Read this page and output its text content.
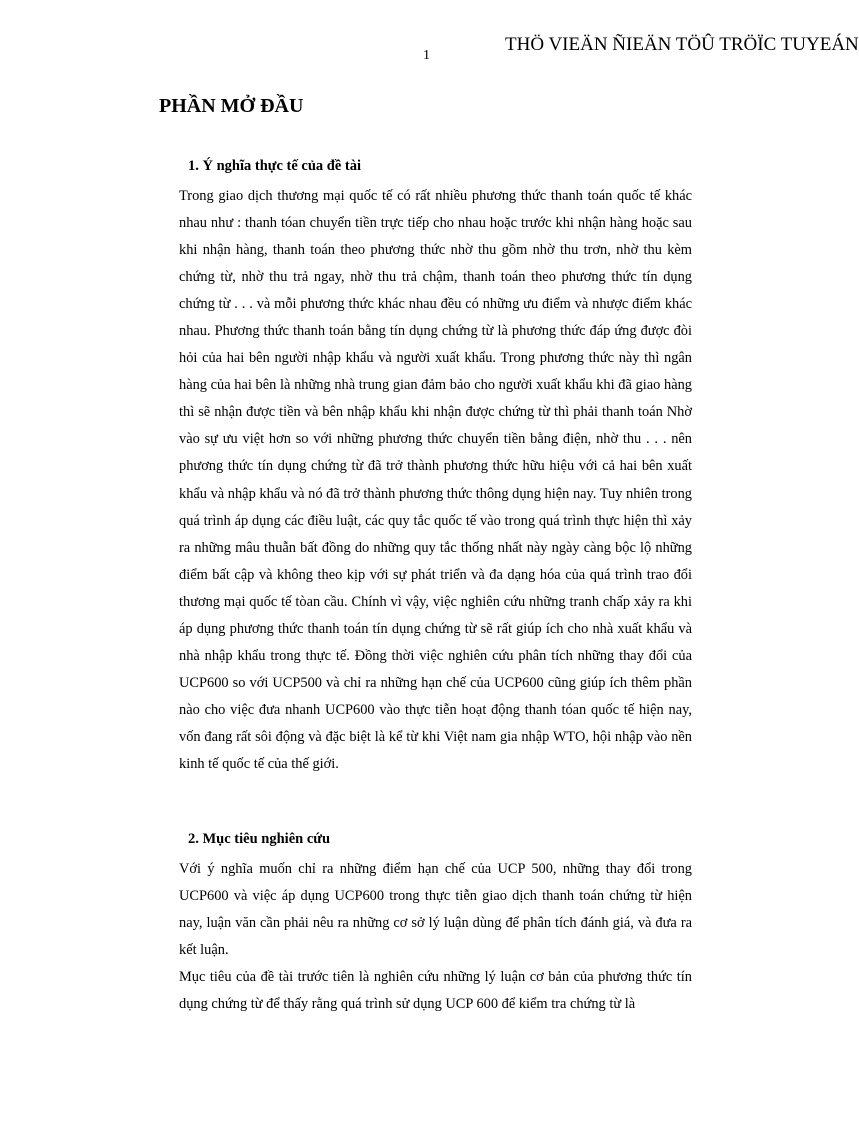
1
THÖ VIEÄN ÑIEÄN TÖÛ TRÖÏC TUYEÁN
PHẦN MỞ ĐẦU
1. Ý nghĩa thực tế của đề tài

Trong giao dịch thương mại quốc tế có rất nhiều phương thức thanh toán quốc tế khác nhau như : thanh tóan chuyển tiền trực tiếp cho nhau hoặc trước khi nhận hàng hoặc sau khi nhận hàng, thanh toán theo phương thức nhờ thu gồm nhờ thu trơn, nhờ thu kèm chứng từ, nhờ thu trả ngay, nhờ thu trả chậm, thanh toán theo phương thức tín dụng chứng từ . . . và mỗi phương thức khác nhau đều có những ưu điểm và nhược điểm khác nhau. Phương thức thanh toán bằng tín dụng chứng từ là phương thức đáp ứng được đòi hỏi của hai bên người nhập khẩu và người xuất khẩu. Trong phương thức này thì ngân hàng của hai bên là những nhà trung gian đảm bảo cho người xuất khẩu khi đã giao hàng thì sẽ nhận được tiền và bên nhập khẩu khi nhận được chứng từ thì phải thanh toán Nhờ vào sự ưu việt hơn so với những phương thức chuyển tiền bằng điện, nhờ thu . . . nên phương thức tín dụng chứng từ đã trở thành phương thức hữu hiệu với cả hai bên xuất khẩu và nhập khẩu và nó đã trở thành phương thức thông dụng hiện nay. Tuy nhiên trong quá trình áp dụng các điều luật, các quy tắc quốc tế vào trong quá trình thực hiện thì xảy ra những mâu thuẫn bất đồng do những quy tắc thống nhất này ngày càng bộc lộ những điểm bất cập và không theo kịp với sự phát triển và đa dạng hóa của quá trình trao đổi thương mại quốc tế tòan cầu. Chính vì vậy, việc nghiên cứu những tranh chấp xảy ra khi áp dụng phương thức thanh toán tín dụng chứng từ sẽ rất giúp ích cho nhà xuất khẩu và nhà nhập khẩu trong thực tế. Đồng thời việc nghiên cứu phân tích những thay đổi của UCP600 so với UCP500 và chỉ ra những hạn chế của UCP600 cũng giúp ích thêm phần nào cho việc đưa nhanh UCP600 vào thực tiễn hoạt động thanh tóan quốc tế hiện nay, vốn đang rất sôi động và đặc biệt là kể từ khi Việt nam gia nhập WTO, hội nhập vào nền kinh tế quốc tế của thế giới.

2. Mục tiêu nghiên cứu

Với ý nghĩa muốn chỉ ra những điểm hạn chế của UCP 500, những thay đổi trong UCP600 và việc áp dụng UCP600 trong thực tiễn giao dịch thanh toán chứng từ hiện nay, luận văn cần phải nêu ra những cơ sở lý luận dùng để phân tích đánh giá, và đưa ra kết luận.

Mục tiêu của đề tài trước tiên là nghiên cứu những lý luận cơ bản của phương thức tín dụng chứng từ để thấy rằng quá trình sử dụng UCP 600 để kiểm tra chứng từ là
